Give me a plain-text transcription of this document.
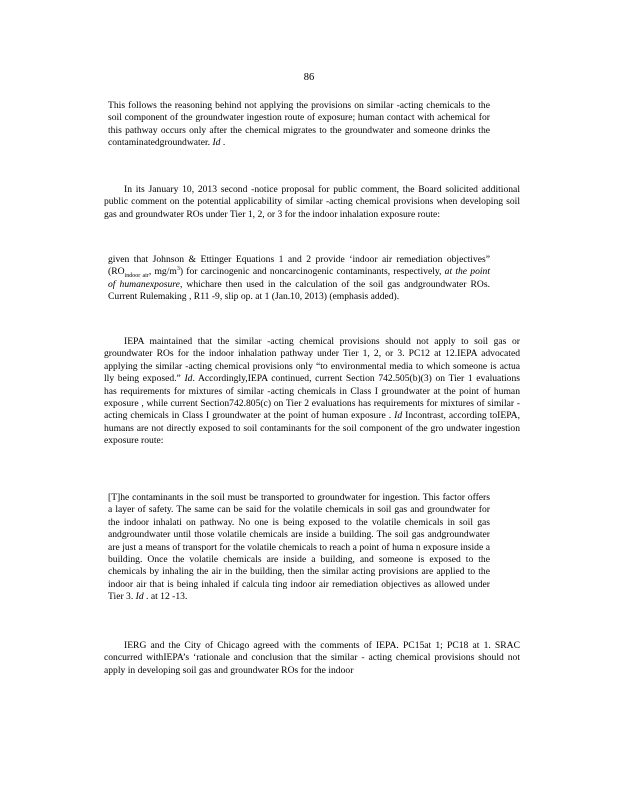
86

This follows the reasoning behind not applying the provisions on similar -acting chemicals to the soil component of the groundwater ingestion route of exposure; human contact with achemical for this pathway occurs only after the chemical migrates to the groundwater and someone drinks the contaminatedgroundwater. Id .

In its January 10, 2013 second -notice proposal for public comment, the Board solicited additional public comment on the potential applicability of similar -acting chemical provisions when developing soil gas and groundwater ROs under Tier 1, 2, or 3 for the indoor inhalation exposure route:

given that Johnson & Ettinger Equations 1 and 2 provide ‘indoor air remediation objectives” ($RO_{indoor air}$, $mg/m^3$) for carcinogenic and noncarcinogenic contaminants, respectively, at the point of humanexposure, whichare then used in the calculation of the soil gas andgroundwater ROs. Current Rulemaking , R11 -9, slip op. at 1 (Jan.10, 2013) (emphasis added).

IEPA maintained that the similar -acting chemical provisions should not apply to soil gas or groundwater ROs for the indoor inhalation pathway under Tier 1, 2, or 3. PC12 at 12.IEPA advocated applying the similar -acting chemical provisions only “to environmental media to which someone is actua lly being exposed.” Id. Accordingly,IEPA continued, current Section 742.505(b)(3) on Tier 1 evaluations has requirements for mixtures of similar -acting chemicals in Class I groundwater at the point of human exposure , while current Section742.805(c) on Tier 2 evaluations has requirements for mixtures of similar -acting chemicals in Class I groundwater at the point of human exposure . Id Incontrast, according toIEPA, humans are not directly exposed to soil contaminants for the soil component of the gro undwater ingestion exposure route:

[T]he contaminants in the soil must be transported to groundwater for ingestion. This factor offers a layer of safety. The same can be said for the volatile chemicals in soil gas and groundwater for the indoor inhalati on pathway. No one is being exposed to the volatile chemicals in soil gas andgroundwater until those volatile chemicals are inside a building. The soil gas andgroundwater are just a means of transport for the volatile chemicals to reach a point of huma n exposure inside a building. Once the volatile chemicals are inside a building, and someone is exposed to the chemicals by inhaling the air in the building, then the similar acting provisions are applied to the indoor air that is being inhaled if calcula ting indoor air remediation objectives as allowed under Tier 3. Id . at 12 -13.

IERG and the City of Chicago agreed with the comments of IEPA. PC15at 1; PC18 at 1. SRAC concurred withIEPA’s ‘rationale and conclusion that the similar - acting chemical provisions should not apply in developing soil gas and groundwater ROs for the indoor
